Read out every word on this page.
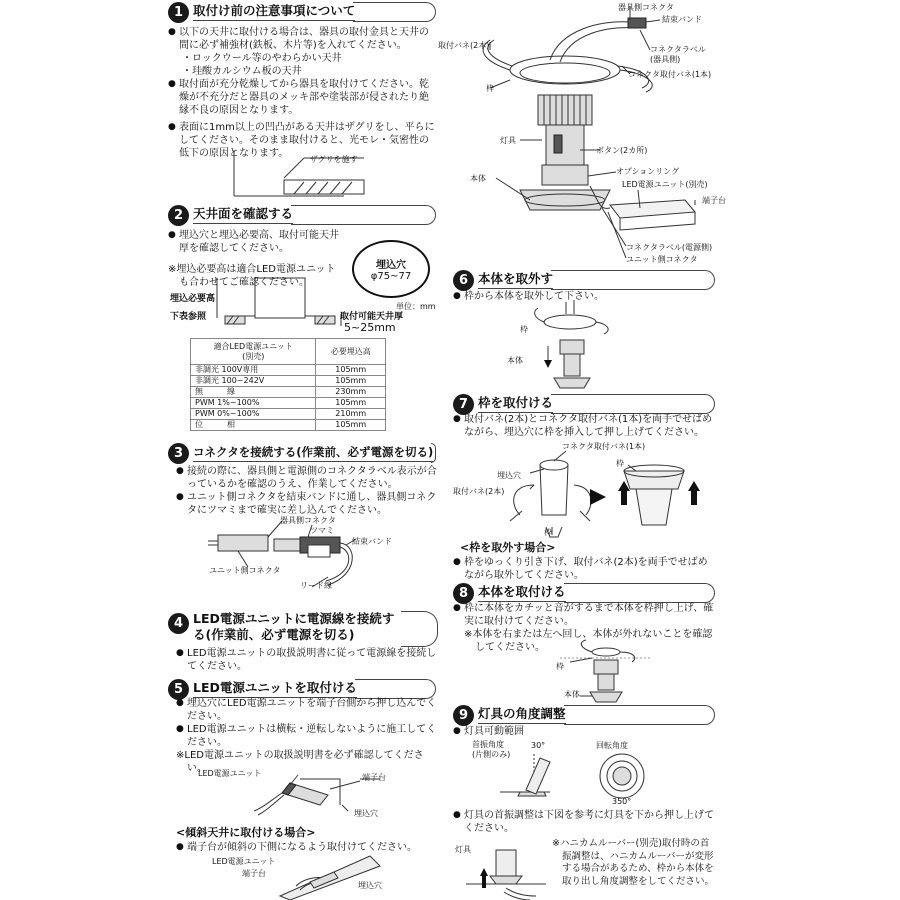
1 取付け前の注意事項について
● 以下の天井に取付ける場合は、器具の取付金具と天井の間に必ず補強材(鉄板、木片等)を入れてください。
・ロックウール等のやわらかい天井
・珪酸カルシウム板の天井
● 取付面が充分乾燥してから器具を取付けてください。乾燥が不充分だと器具のメッキ部や塗装部が侵されたり絶縁不良の原因となります。
● 表面に1mm以上の凹凸がある天井はザグリをし、平らにしてください。そのまま取付けると、光モレ・気密性の低下の原因となります。
ザグリを施す
2 天井面を確認する
● 埋込穴と埋込必要高、取付可能天井厚を確認してください。
※埋込必要高は適合LED電源ユニットも合わせてご確認ください。
埋込穴
φ75~77
単位：mm
埋込必要高
下表参照	取付可能天井厚
5~25mm
適合LED電源ユニット
(別売)	必要埋込高
非調光 100V専用	105mm
非調光 100~242V	105mm
無　　　線	230mm
PWM 1%~100%	105mm
PWM 0%~100%	210mm
位　　　相	105mm
3 コネクタを接続する(作業前、必ず電源を切る)
● 接続の際に、器具側と電源側のコネクタラベル表示が合っているかを確認のうえ、作業してください。
● ユニット側コネクタを結束バンドに通し、器具側コネクタにツマミまで確実に差し込んでください。
器具側コネクタ
ツマミ
結束バンド
ユニット側コネクタ
リード線
4 LED電源ユニットに電源線を接続する(作業前、必ず電源を切る)
● LED電源ユニットの取扱説明書に従って電源線を接続してください。
5 LED電源ユニットを取付ける
● 埋込穴にLED電源ユニットを端子台側から押し込んでください。
● LED電源ユニットは横転・逆転しないように施工してください。
※LED電源ユニットの取扱説明書を必ず確認してください。
LED電源ユニット	端子台
埋込穴
<傾斜天井に取付ける場合>
● 端子台が傾斜の下側になるよう取付けてください。
LED電源ユニット
端子台
埋込穴
器具側コネクタ
結束バンド
取付バネ(2本)	コネクタラベル
(器具側)
コネクタ取付バネ(1本)
枠
灯具
ボタン(2カ所)
オプションリング
本体
LED電源ユニット(別売)
端子台
コネクタラベル(電源側)
ユニット側コネクタ
6 本体を取外す
● 枠から本体を取外して下さい。
枠
本体
7 枠を取付ける
● 取付バネ(2本)とコネクタ取付バネ(1本)を両手でせばめながら、埋込穴に枠を挿入して押し上げてください。
コネクタ取付バネ(1本)
埋込穴
取付バネ(2本)
枠
枠
<枠を取外す場合>
● 枠をゆっくり引き下げ、取付バネ(2本)を両手でせばめながら取外してください。
8 本体を取付ける
● 枠に本体をカチッと音がするまで本体を枠押し上げ、確実に取付けてください。
※本体を右または左へ回し、本体が外れないことを確認してください。
枠
本体
9 灯具の角度調整
● 灯具可動範囲
首振角度
(片側のみ)
30°	回転角度
350°
● 灯具の首振調整は下図を参考に灯具を下から押し上げてください。
灯具
※ハニカムルーバー(別売)取付時の首振調整は、ハニカムルーバーが変形する場合があるため、枠から本体を取り出し角度調整をしてください。
